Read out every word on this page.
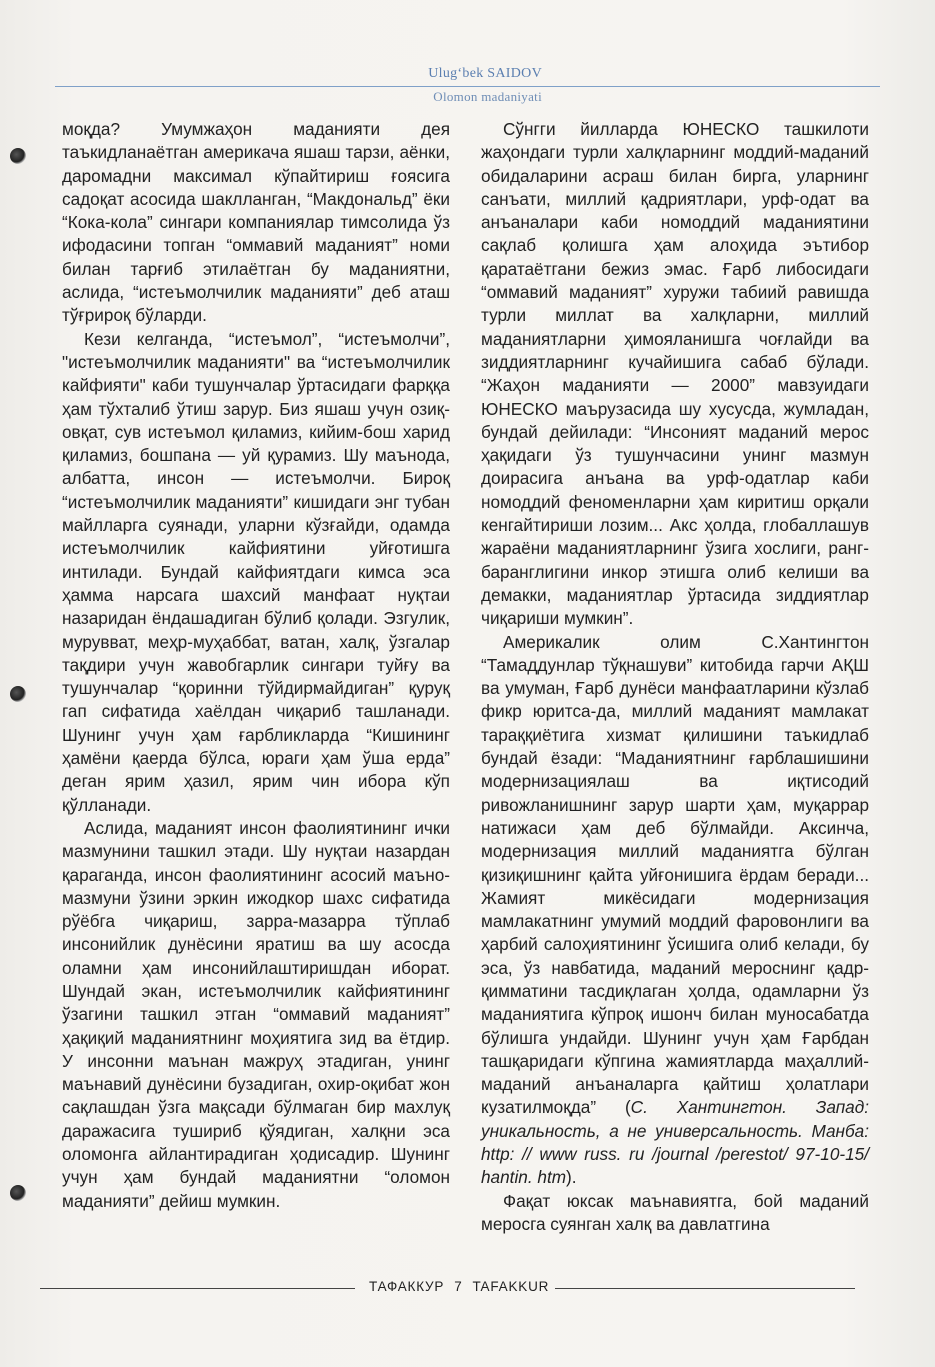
Ulug‘bek SAIDOV
Olomon madaniyati

моқда? Умумжаҳон маданияти дея таъкидланаётган америкача яшаш тарзи, аёнки, даромадни максимал кўпайтириш ғоясига садоқат асосида шаклланган, “Макдональд” ёки “Кока-кола” сингари компаниялар тимсолида ўз ифодасини топган “оммавий маданият” номи билан тарғиб этилаётган бу маданиятни, аслида, “истеъмолчилик маданияти” деб аташ тўғрироқ бўларди.

Кези келганда, “истеъмол”, “истеъмолчи”, "истеъмолчилик маданияти" ва “истеъмолчилик кайфияти" каби тушунчалар ўртасидаги фарққа ҳам тўхталиб ўтиш зарур. Биз яшаш учун озиқ-овқат, сув истеъмол қиламиз, кийим-бош харид қиламиз, бошпана — уй қурамиз. Шу маънода, албатта, инсон — истеъмолчи. Бироқ “истеъмолчилик маданияти” кишидаги энг тубан майлларга суянади, уларни кўзғайди, одамда истеъмолчилик кайфиятини уйғотишга интилади. Бундай кайфиятдаги кимса эса ҳамма нарсага шахсий манфаат нуқтаи назаридан ёндашадиган бўлиб қолади. Эзгулик, мурувват, меҳр-муҳаббат, ватан, халқ, ўзгалар тақдири учун жавобгарлик сингари туйғу ва тушунчалар “қоринни тўйдирмайдиган” қуруқ гап сифатида хаёлдан чиқариб ташланади. Шунинг учун ҳам ғарбликларда “Кишининг ҳамёни қаерда бўлса, юраги ҳам ўша ерда” деган ярим ҳазил, ярим чин ибора кўп қўлланади.

Аслида, маданият инсон фаолиятининг ички мазмунини ташкил этади. Шу нуқтаи назардан қараганда, инсон фаолиятининг асосий маъно-мазмуни ўзини эркин ижодкор шахс сифатида рўёбга чиқариш, зарра-мазарра тўплаб инсонийлик дунёсини яратиш ва шу асосда оламни ҳам инсонийлаштиришдан иборат. Шундай экан, истеъмолчилик кайфиятининг ўзагини ташкил этган “оммавий маданият” ҳақиқий маданиятнинг моҳиятига зид ва ётдир. У инсонни маънан мажруҳ этадиган, унинг маънавий дунёсини бузадиган, охир-оқибат жон сақлашдан ўзга мақсади бўлмаган бир махлуқ даражасига тушириб қўядиган, халқни эса оломонга айлантирадиган ҳодисадир. Шунинг учун ҳам бундай маданиятни “оломон маданияти” дейиш мумкин.

Сўнгги йилларда ЮНЕСКО ташкилоти жаҳондаги турли халқларнинг моддий-маданий обидаларини асраш билан бирга, уларнинг санъати, миллий қадриятлари, урф-одат ва анъаналари каби номоддий маданиятини сақлаб қолишга ҳам алоҳида эътибор қаратаётгани бежиз эмас. Ғарб либосидаги “оммавий маданият” хуружи табиий равишда турли миллат ва халқларни, миллий маданиятларни ҳимояланишга чоғлайди ва зиддиятларнинг кучайишига сабаб бўлади. “Жаҳон маданияти — 2000” мавзуидаги ЮНЕСКО маърузасида шу хусусда, жумладан, бундай дейилади: “Инсоният маданий мерос ҳақидаги ўз тушунчасини унинг мазмун доирасига анъана ва урф-одатлар каби номоддий феноменларни ҳам киритиш орқали кенгайтириши лозим... Акс ҳолда, глобаллашув жараёни маданиятларнинг ўзига хослиги, ранг-баранглигини инкор этишга олиб келиши ва демакки, маданиятлар ўртасида зиддиятлар чиқариши мумкин”.

Америкалик олим С.Хантингтон “Тамаддунлар тўқнашуви” китобида гарчи АҚШ ва умуман, Ғарб дунёси манфаатларини кўзлаб фикр юритса-да, миллий маданият мамлакат тараққиётига хизмат қилишини таъкидлаб бундай ёзади: “Маданиятнинг ғарблашишини модернизациялаш ва иқтисодий ривожланишнинг зарур шарти ҳам, муқаррар натижаси ҳам деб бўлмайди. Аксинча, модернизация миллий маданиятга бўлган қизиқишнинг қайта уйғонишига ёрдам беради... Жамият микёсидаги модернизация мамлакатнинг умумий моддий фаровонлиги ва ҳарбий салоҳиятининг ўсишига олиб келади, бу эса, ўз навбатида, маданий мероснинг қадр-қимматини тасдиқлаган ҳолда, одамларни ўз маданиятига кўпроқ ишонч билан муносабатда бўлишга ундайди. Шунинг учун ҳам Ғарбдан ташқаридаги кўпгина жамиятларда маҳаллий-маданий анъаналарга қайтиш ҳолатлари кузатилмоқда” (С. Хантингтон. Запад: уникальность, а не универсальность. Манба: http: // www russ. ru /journal /perestot/ 97-10-15/ hantin. htm).

Фақат юксак маънавиятга, бой маданий меросга суянган халқ ва давлатгина

ТАФАККУР 7 TAFAKKUR
